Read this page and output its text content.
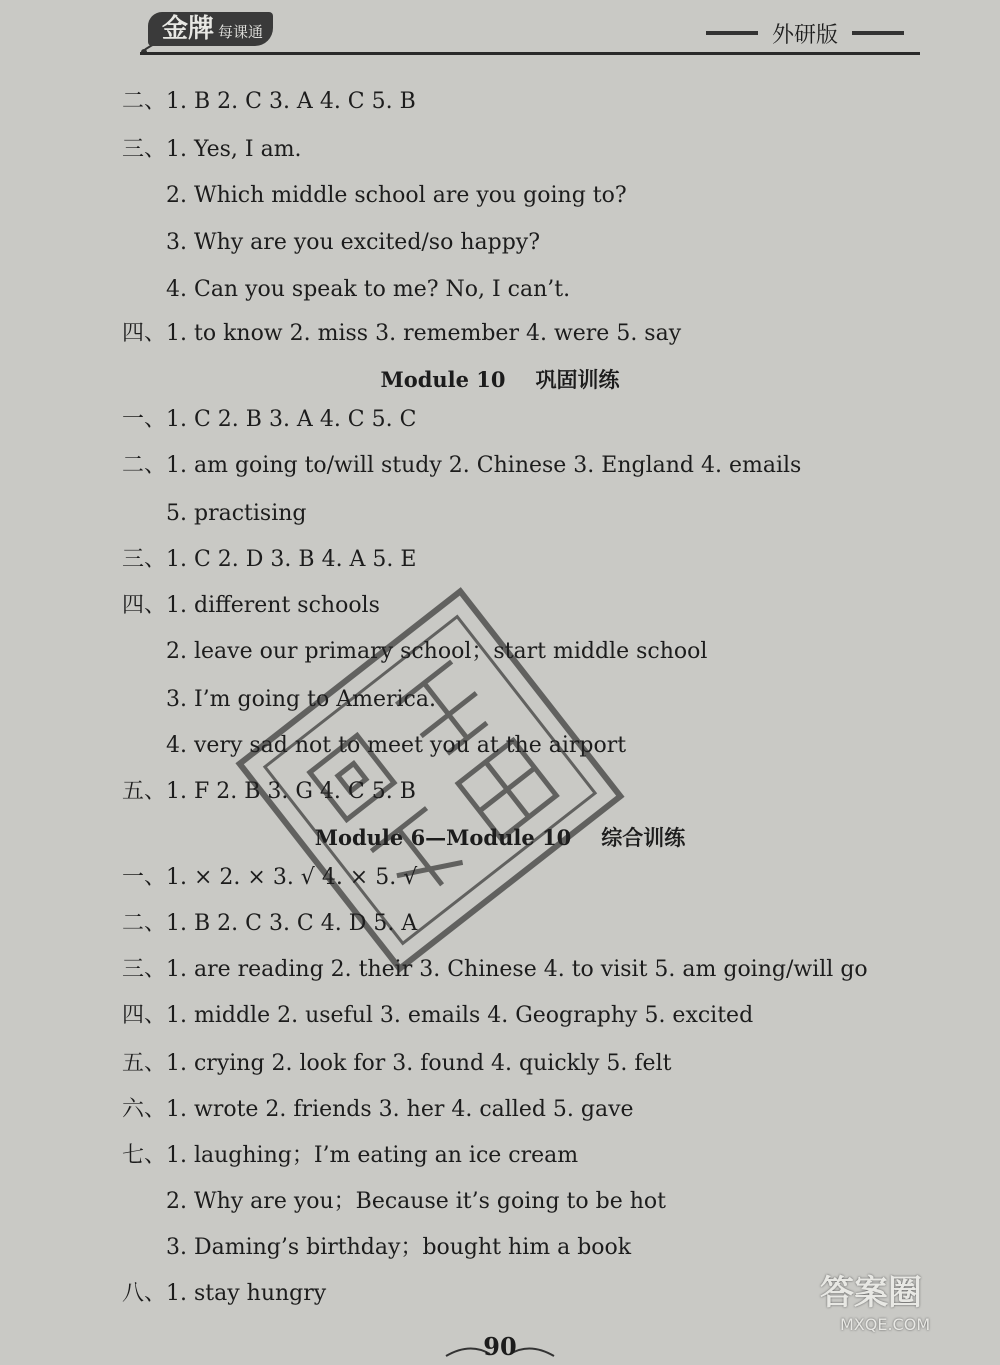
金牌 每课通	外研版
二、1. B 2. C 3. A 4. C 5. B
三、1. Yes, I am.
2. Which middle school are you going to?
3. Why are you excited/so happy?
4. Can you speak to me? No, I can’t.
四、1. to know 2. miss 3. remember 4. were 5. say
Module 10 巩固训练
一、1. C 2. B 3. A 4. C 5. C
二、1. am going to/will study 2. Chinese 3. England 4. emails
5. practising
三、1. C 2. D 3. B 4. A 5. E
四、1. different schools
2. leave our primary school；start middle school
3. I’m going to America.
4. very sad not to meet you at the airport
五、1. F 2. B 3. G 4. C 5. B
Module 6—Module 10 综合训练
一、1. × 2. × 3. √ 4. × 5. √
二、1. B 2. C 3. C 4. D 5. A
三、1. are reading 2. their 3. Chinese 4. to visit 5. am going/will go
四、1. middle 2. useful 3. emails 4. Geography 5. excited
五、1. crying 2. look for 3. found 4. quickly 5. felt
六、1. wrote 2. friends 3. her 4. called 5. gave
七、1. laughing；I’m eating an ice cream
2. Why are you；Because it’s going to be hot
3. Daming’s birthday；bought him a book
八、1. stay hungry	答案圈
MXQE.COM
90
